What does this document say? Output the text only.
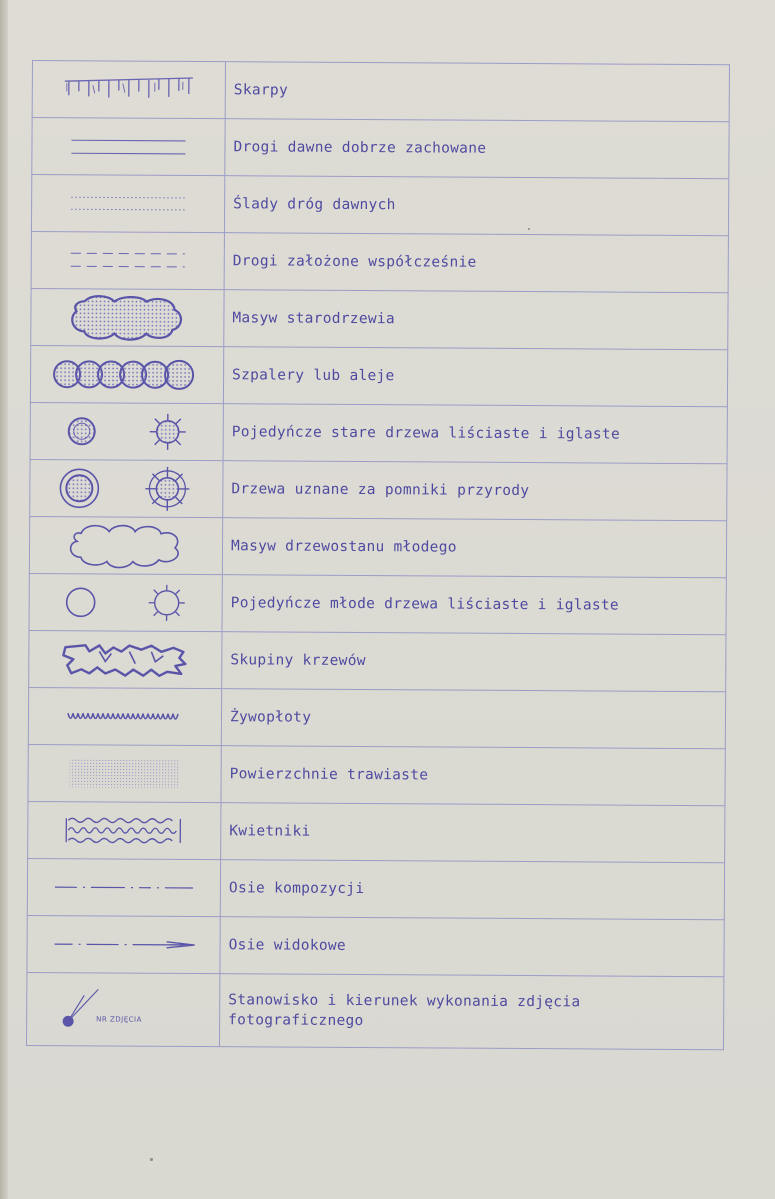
	Skarpy

	Drogi dawne dobrze zachowane

	Ślady dróg dawnych

	Drogi założone współcześnie

	Masyw starodrzewia

	Szpalery lub aleje

	Pojedyńcze stare drzewa liściaste i iglaste

	Drzewa uznane za pomniki przyrody

	Masyw drzewostanu młodego

	Pojedyńcze młode drzewa liściaste i iglaste

	Skupiny krzewów

	Żywopłoty

	Powierzchnie trawiaste

	Kwietniki

	Osie kompozycji

	Osie widokowe

NR ZDJĘCIA	Stanowisko i kierunek wykonania zdjęcia fotograficznego
